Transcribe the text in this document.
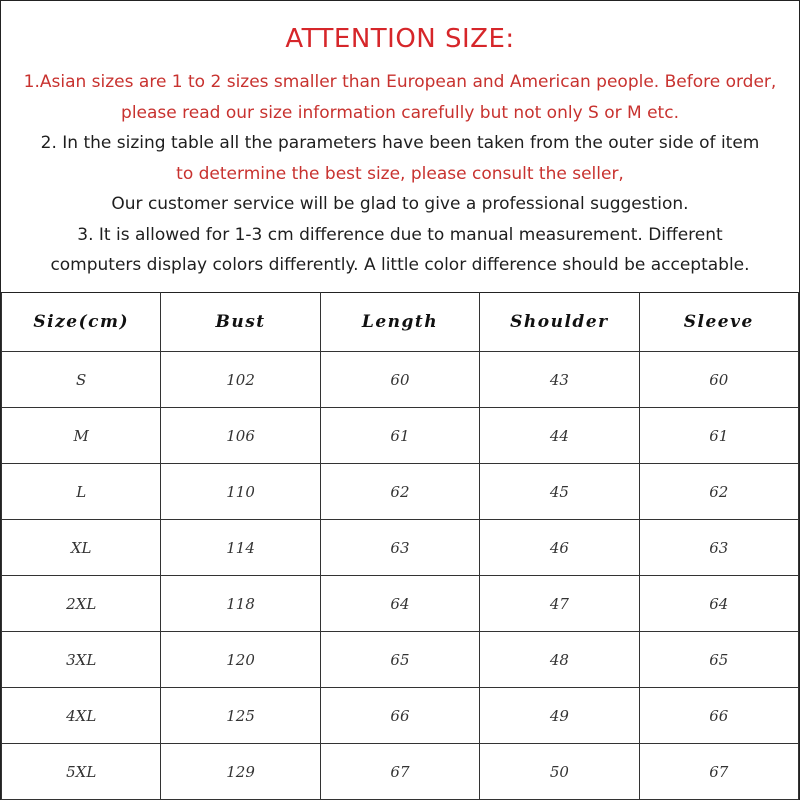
ATTENTION SIZE:
1.Asian sizes are 1 to 2 sizes smaller than European and American people. Before order,
please read our size information carefully but not only S or M etc.
2. In the sizing table all the parameters have been taken from the outer side of item
to determine the best size, please consult the seller,
Our customer service will be glad to give a professional suggestion.
3. It is allowed for 1-3 cm difference due to manual measurement. Different
computers display colors differently. A little color difference should be acceptable.
Size(cm)	Bust	Length	Shoulder	Sleeve
S	102	60	43	60
M	106	61	44	61
L	110	62	45	62
XL	114	63	46	63
2XL	118	64	47	64
3XL	120	65	48	65
4XL	125	66	49	66
5XL	129	67	50	67
